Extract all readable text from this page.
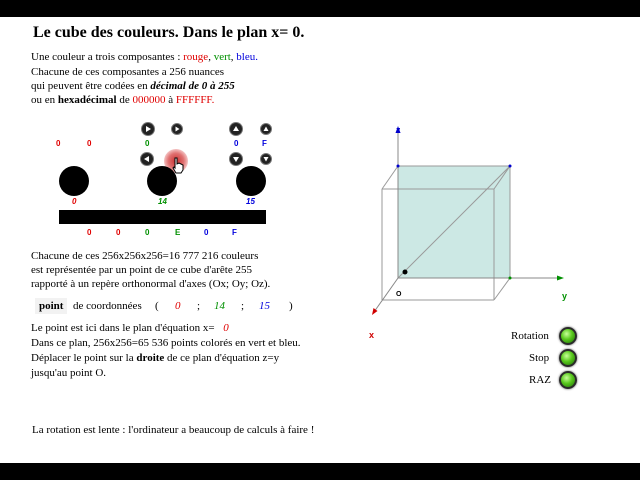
Le cube des couleurs. Dans le plan x= 0.
Une couleur a trois composantes : rouge, vert, bleu.
Chacune de ces composantes a 256 nuances
qui peuvent être codées en décimal de 0 à 255
ou en hexadécimal de 000000 à FFFFFF.
0	0	0	0	F
0	14	15
0	0	0	E	0	F
Chacune de ces 256x256x256=16 777 216 couleurs
est représentée par un point de ce cube d'arête 255
rapporté à un repère orthonormal d'axes (Ox; Oy; Oz).
point de coordonnées ( 0 ; 14 ; 15 )
Le point est ici dans le plan d'équation x= 0
Dans ce plan, 256x256=65 536 points colorés en vert et bleu.
Déplacer le point sur la droite de ce plan d'équation z=y
jusqu'au point O.
La rotation est lente : l'ordinateur a beaucoup de calculs à faire !
z
y
x
O
Rotation
Stop
RAZ
